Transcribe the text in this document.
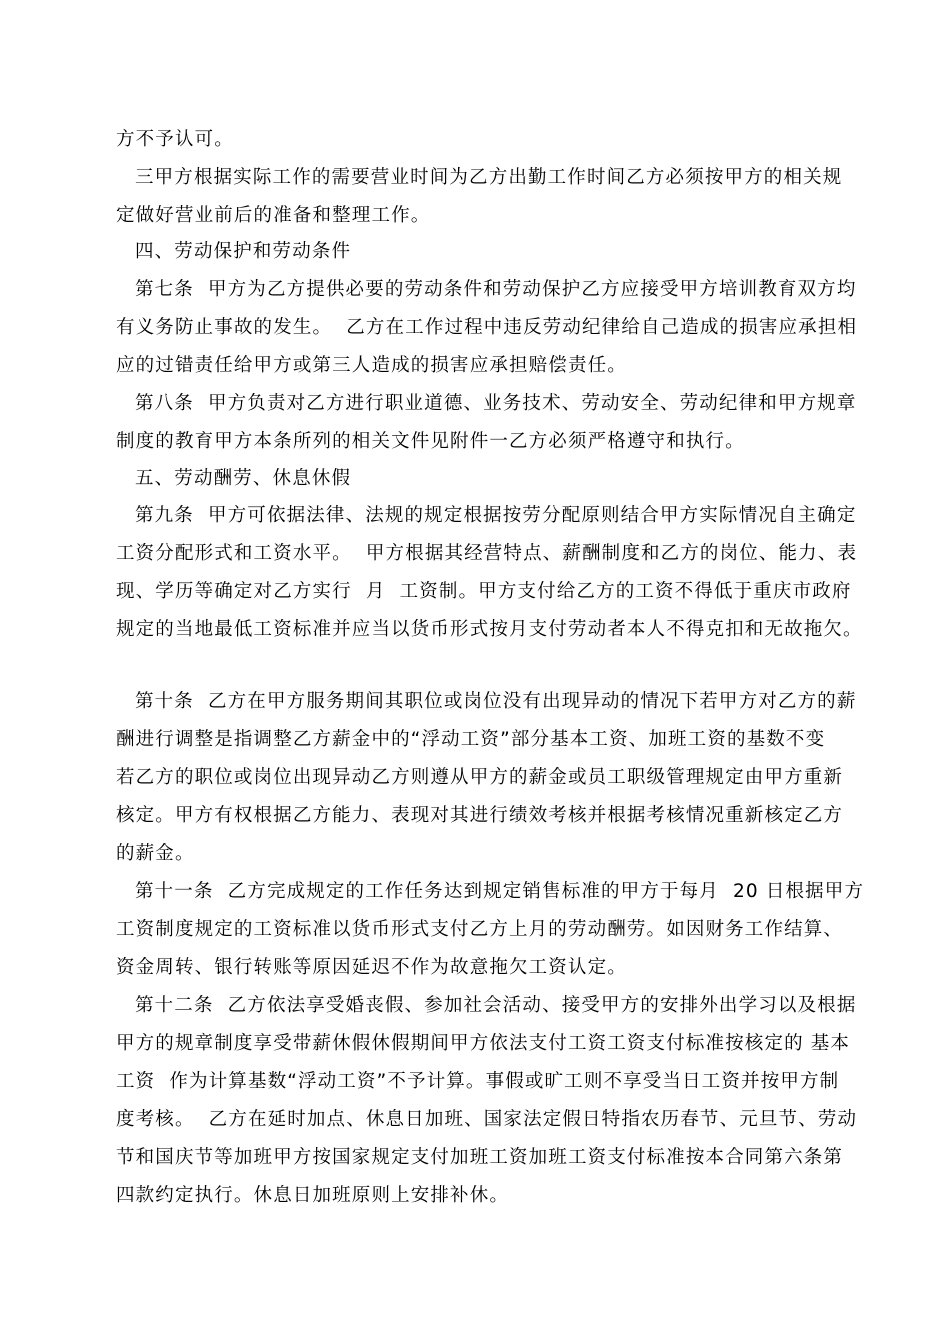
方不予认可。
三甲方根据实际工作的需要营业时间为乙方出勤工作时间乙方必须按甲方的相关规
定做好营业前后的准备和整理工作。
四、劳动保护和劳动条件
第七条  甲方为乙方提供必要的劳动条件和劳动保护乙方应接受甲方培训教育双方均
有义务防止事故的发生。  乙方在工作过程中违反劳动纪律给自己造成的损害应承担相
应的过错责任给甲方或第三人造成的损害应承担赔偿责任。
第八条  甲方负责对乙方进行职业道德、业务技术、劳动安全、劳动纪律和甲方规章
制度的教育甲方本条所列的相关文件见附件一乙方必须严格遵守和执行。
五、劳动酬劳、休息休假
第九条  甲方可依据法律、法规的规定根据按劳分配原则结合甲方实际情况自主确定
工资分配形式和工资水平。  甲方根据其经营特点、薪酬制度和乙方的岗位、能力、表
现、学历等确定对乙方实行  月  工资制。甲方支付给乙方的工资不得低于重庆市政府
规定的当地最低工资标准并应当以货币形式按月支付劳动者本人不得克扣和无故拖欠。
第十条  乙方在甲方服务期间其职位或岗位没有出现异动的情况下若甲方对乙方的薪
酬进行调整是指调整乙方薪金中的“浮动工资”部分基本工资、加班工资的基数不变
若乙方的职位或岗位出现异动乙方则遵从甲方的薪金或员工职级管理规定由甲方重新
核定。甲方有权根据乙方能力、表现对其进行绩效考核并根据考核情况重新核定乙方
的薪金。
第十一条  乙方完成规定的工作任务达到规定销售标准的甲方于每月  20 日根据甲方
工资制度规定的工资标准以货币形式支付乙方上月的劳动酬劳。如因财务工作结算、
资金周转、银行转账等原因延迟不作为故意拖欠工资认定。
第十二条  乙方依法享受婚丧假、参加社会活动、接受甲方的安排外出学习以及根据
甲方的规章制度享受带薪休假休假期间甲方依法支付工资工资支付标准按核定的 基本
工资  作为计算基数“浮动工资”不予计算。事假或旷工则不享受当日工资并按甲方制
度考核。  乙方在延时加点、休息日加班、国家法定假日特指农历春节、元旦节、劳动
节和国庆节等加班甲方按国家规定支付加班工资加班工资支付标准按本合同第六条第
四款约定执行。休息日加班原则上安排补休。
